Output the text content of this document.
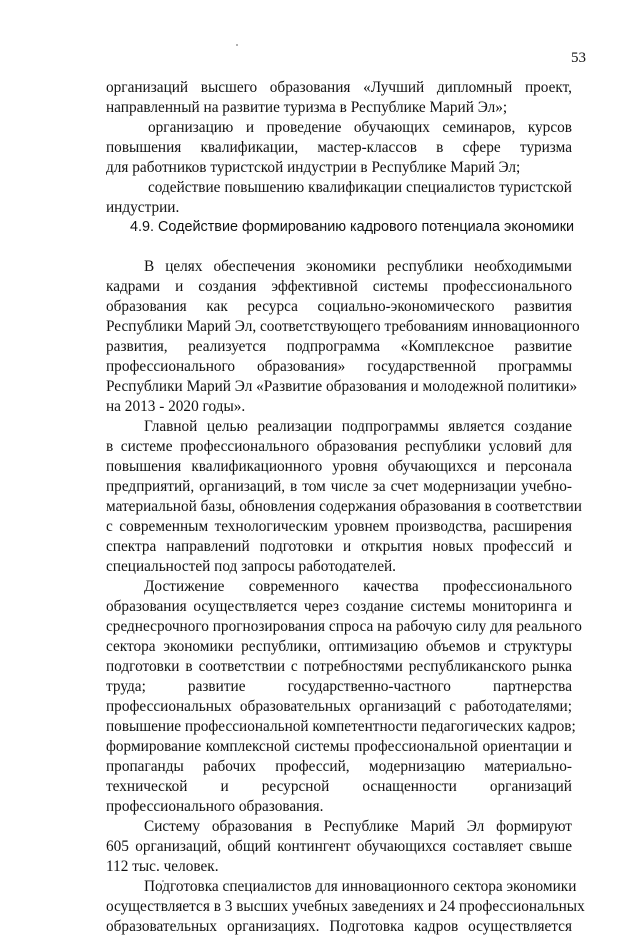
53
организаций высшего образования «Лучший дипломный проект,
направленный на развитие туризма в Республике Марий Эл»;
организацию и проведение обучающих семинаров, курсов
повышения квалификации, мастер-классов в сфере туризма
для работников туристской индустрии в Республике Марий Эл;
содействие повышению квалификации специалистов туристской
индустрии.
4.9. Содействие формированию кадрового потенциала экономики
В целях обеспечения экономики республики необходимыми
кадрами и создания эффективной системы профессионального
образования как ресурса социально-экономического развития
Республики Марий Эл, соответствующего требованиям инновационного
развития, реализуется подпрограмма «Комплексное развитие
профессионального образования» государственной программы
Республики Марий Эл «Развитие образования и молодежной политики»
на 2013 - 2020 годы».
Главной целью реализации подпрограммы является создание
в системе профессионального образования республики условий для
повышения квалификационного уровня обучающихся и персонала
предприятий, организаций, в том числе за счет модернизации учебно-
материальной базы, обновления содержания образования в соответствии
с современным технологическим уровнем производства, расширения
спектра направлений подготовки и открытия новых профессий и
специальностей под запросы работодателей.
Достижение современного качества профессионального
образования осуществляется через создание системы мониторинга и
среднесрочного прогнозирования спроса на рабочую силу для реального
сектора экономики республики, оптимизацию объемов и структуры
подготовки в соответствии с потребностями республиканского рынка
труда; развитие государственно-частного партнерства
профессиональных образовательных организаций с работодателями;
повышение профессиональной компетентности педагогических кадров;
формирование комплексной системы профессиональной ориентации и
пропаганды рабочих профессий, модернизацию материально-
технической и ресурсной оснащенности организаций
профессионального образования.
Систему образования в Республике Марий Эл формируют
605 организаций, общий контингент обучающихся составляет свыше
112 тыс. человек.
Подготовка специалистов для инновационного сектора экономики
осуществляется в 3 высших учебных заведениях и 24 профессиональных
образовательных организациях. Подготовка кадров осуществляется
